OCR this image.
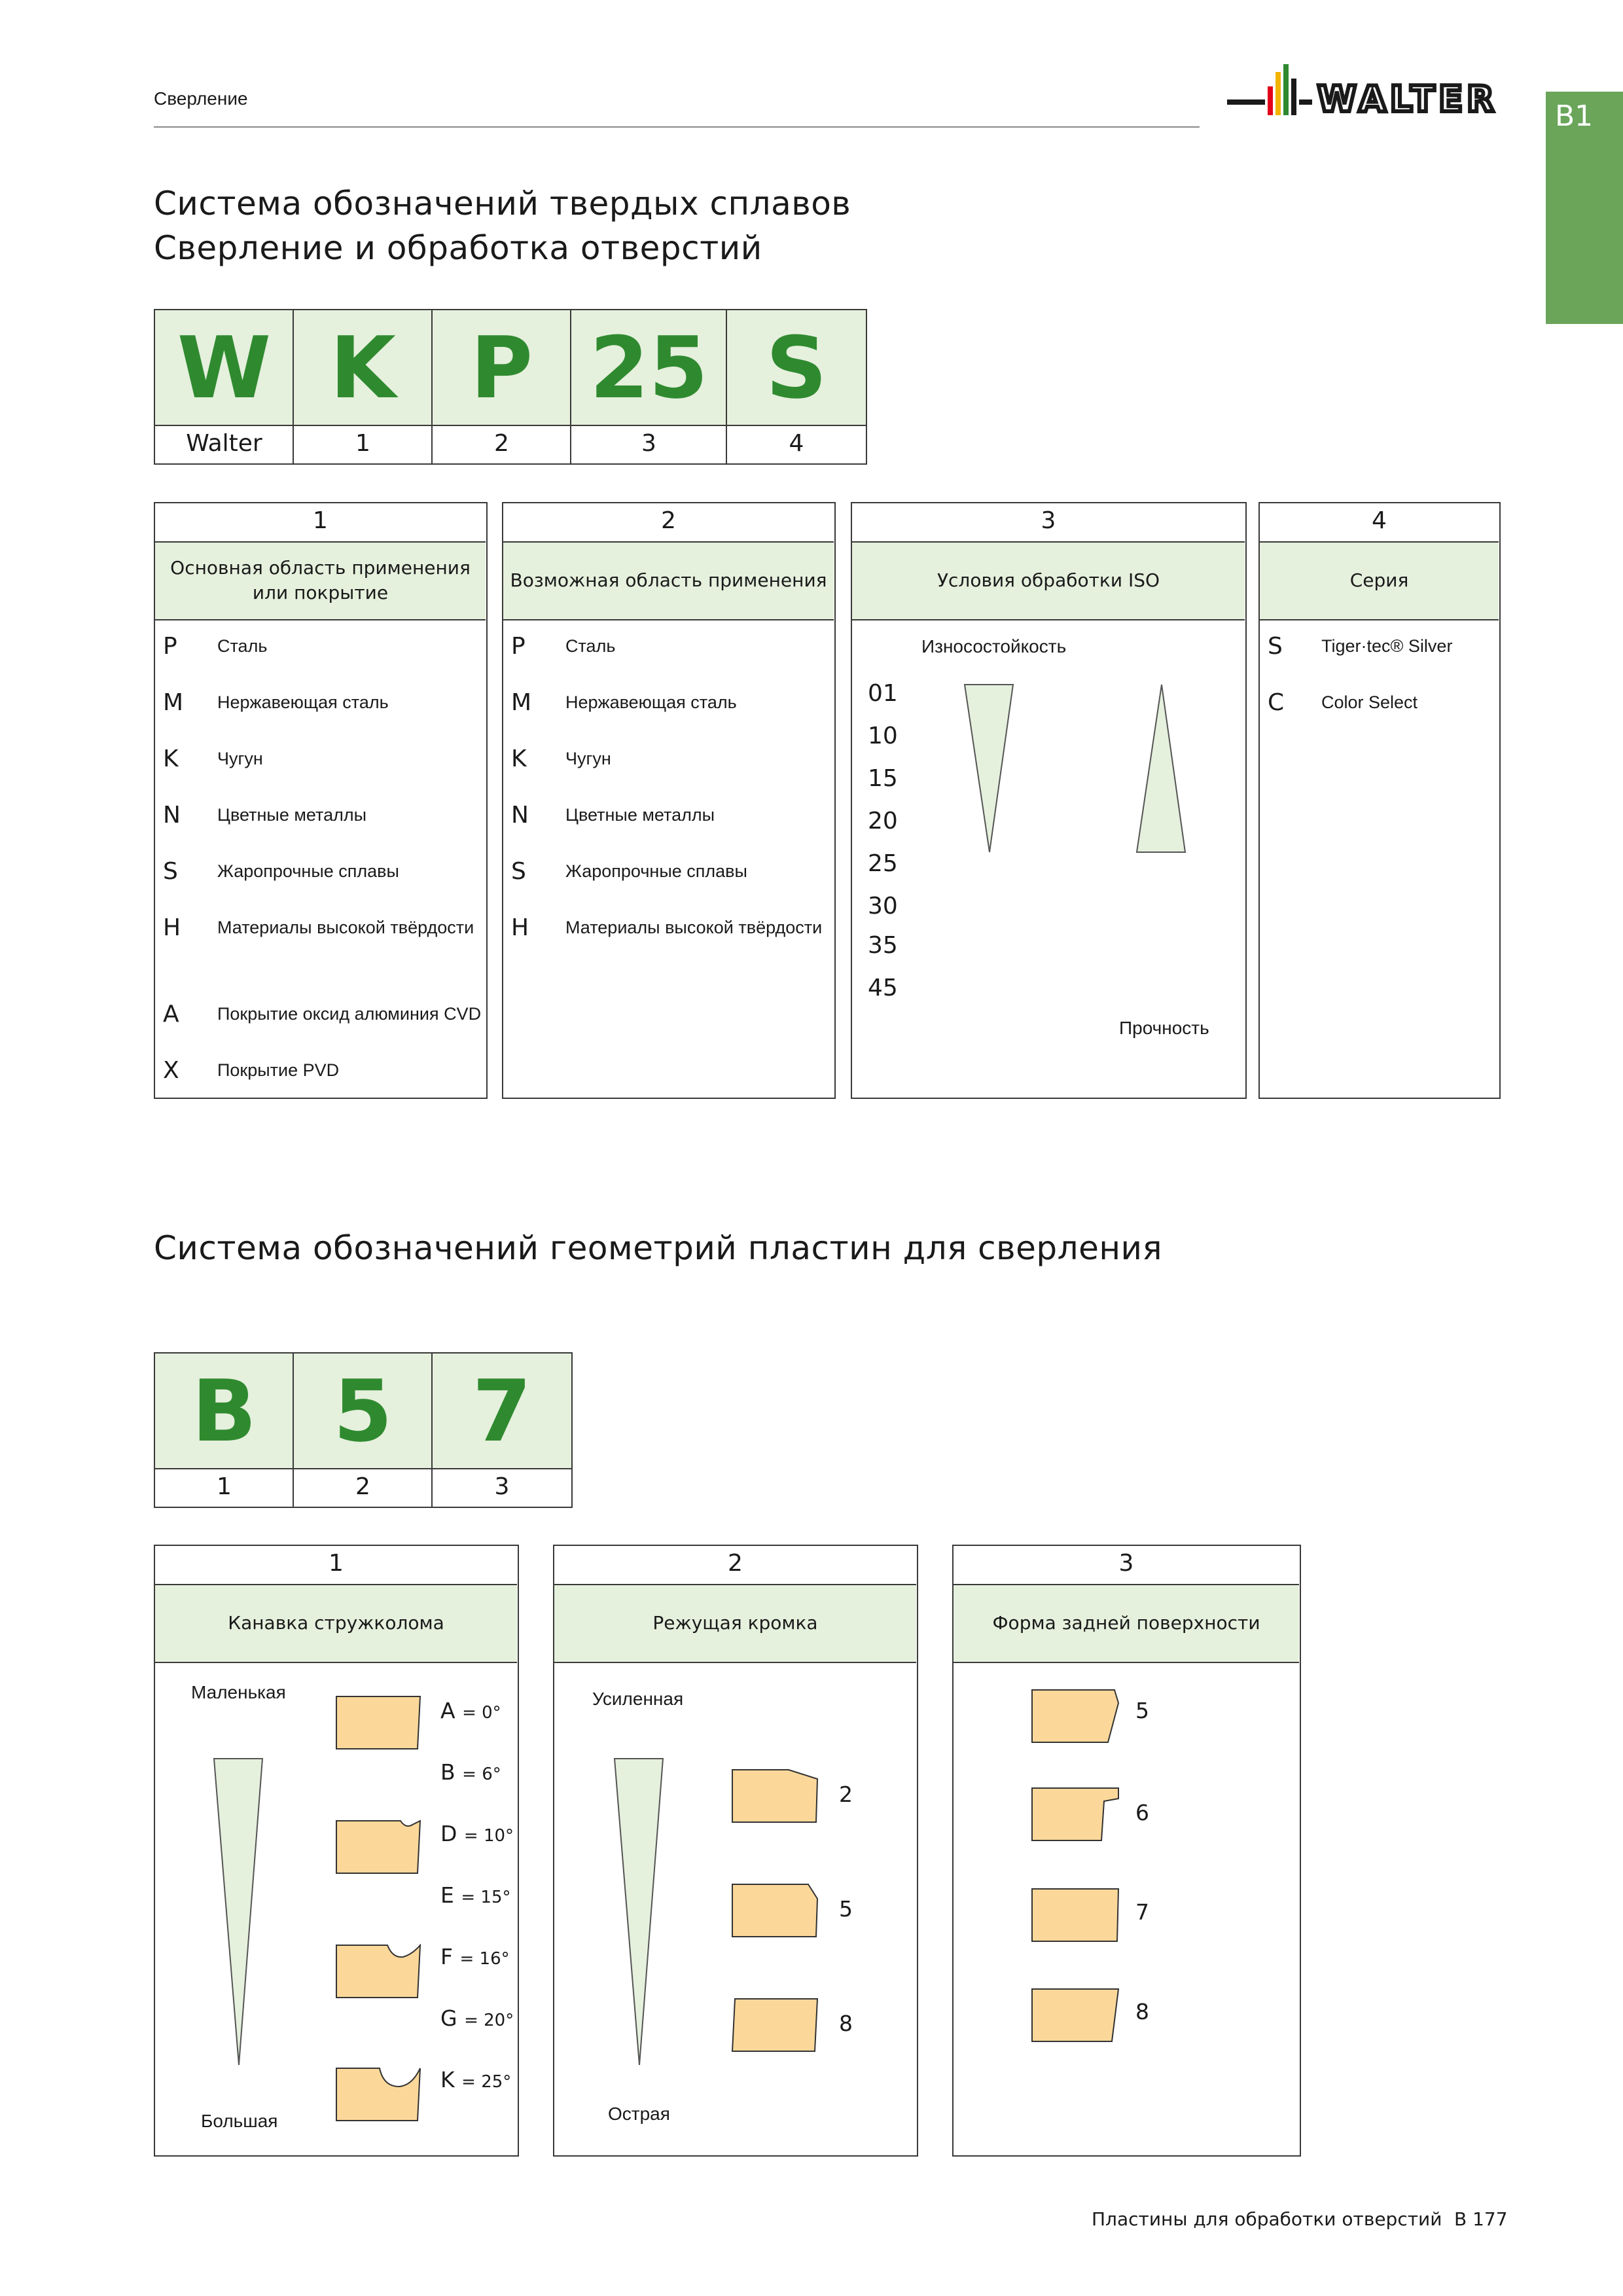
Сверление	WALTER B1
Система обозначений твердых сплавов
Сверление и обработка отверстий
W K P 25 S
Walter	1	2	3	4
1
Основная область применения или покрытие
P Сталь
M Нержавеющая сталь
K Чугун
N Цветные металлы
S Жаропрочные сплавы
H Материалы высокой твёрдости
A Покрытие оксид алюминия CVD
X Покрытие PVD
2
Возможная область применения
P Сталь
M Нержавеющая сталь
K Чугун
N Цветные металлы
S Жаропрочные сплавы
H Материалы высокой твёрдости
3
Условия обработки ISO
Износостойкость
01
10
15
20
25
30
35
45
Прочность
4
Серия
S Tiger·tec® Silver
C Color Select
Система обозначений геометрий пластин для сверления
B 5 7
1	2	3
1
Канавка стружколома
Маленькая
Большая
A = 0°
B = 6°
D = 10°
E = 15°
F = 16°
G = 20°
K = 25°
2
Режущая кромка
Усиленная
Острая
2
5
8
3
Форма задней поверхности
5
6
7
8
Пластины для обработки отверстий B 177
